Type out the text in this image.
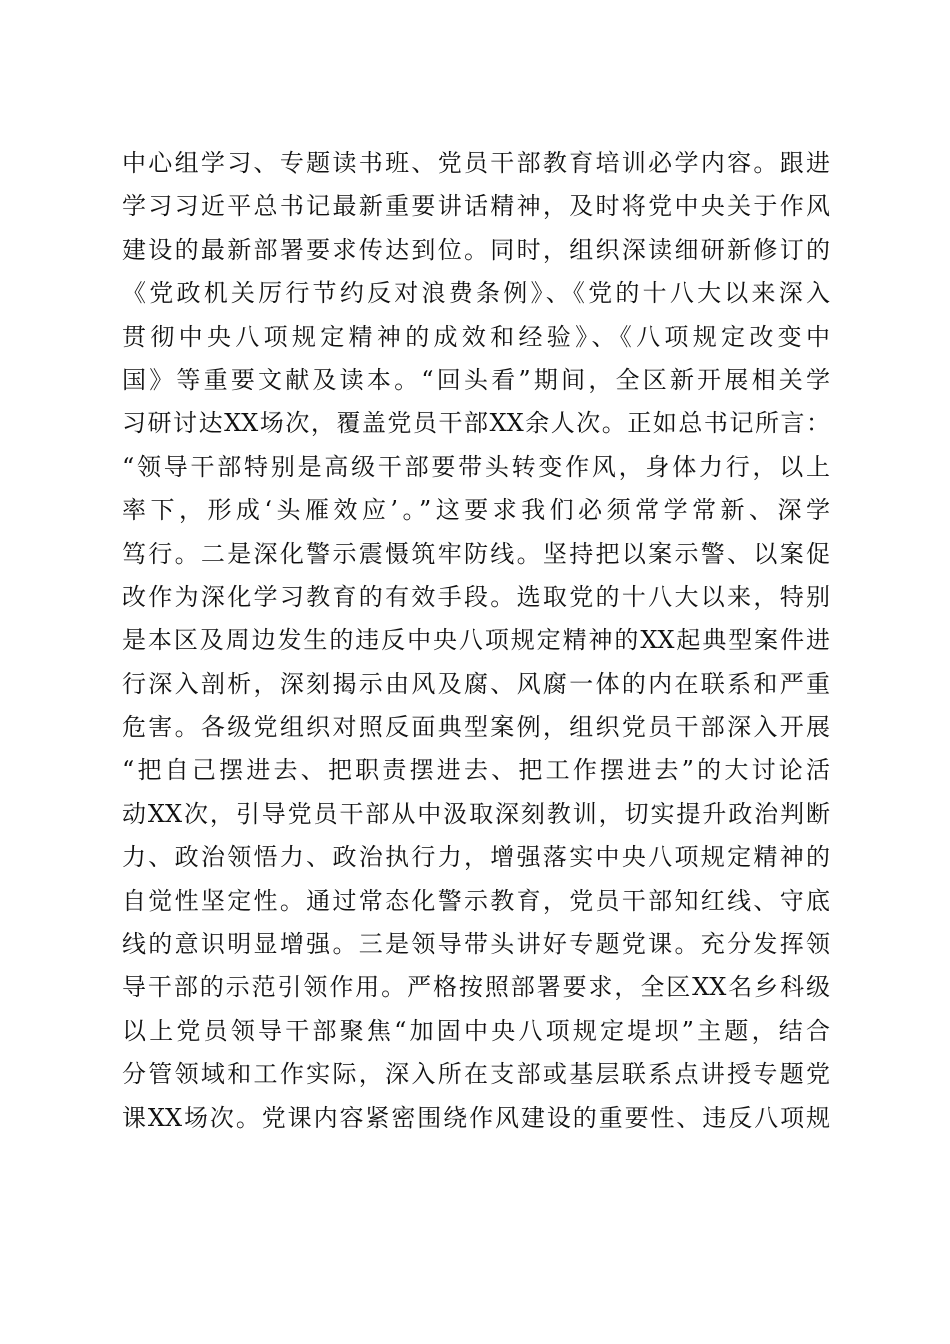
中心组学习、专题读书班、党员干部教育培训必学内容。跟进
学习习近平总书记最新重要讲话精神，及时将党中央关于作风
建设的最新部署要求传达到位。同时，组织深读细研新修订的
《党政机关厉行节约反对浪费条例》、《党的十八大以来深入
贯彻中央八项规定精神的成效和经验》、《八项规定改变中
国》等重要文献及读本。“回头看”期间，全区新开展相关学
习研讨达XX场次，覆盖党员干部XX余人次。正如总书记所言：
“领导干部特别是高级干部要带头转变作风，身体力行，以上
率下，形成‘头雁效应’。”这要求我们必须常学常新、深学
笃行。二是深化警示震慑筑牢防线。坚持把以案示警、以案促
改作为深化学习教育的有效手段。选取党的十八大以来，特别
是本区及周边发生的违反中央八项规定精神的XX起典型案件进
行深入剖析，深刻揭示由风及腐、风腐一体的内在联系和严重
危害。各级党组织对照反面典型案例，组织党员干部深入开展
“把自己摆进去、把职责摆进去、把工作摆进去”的大讨论活
动XX次，引导党员干部从中汲取深刻教训，切实提升政治判断
力、政治领悟力、政治执行力，增强落实中央八项规定精神的
自觉性坚定性。通过常态化警示教育，党员干部知红线、守底
线的意识明显增强。三是领导带头讲好专题党课。充分发挥领
导干部的示范引领作用。严格按照部署要求，全区XX名乡科级
以上党员领导干部聚焦“加固中央八项规定堤坝”主题，结合
分管领域和工作实际，深入所在支部或基层联系点讲授专题党
课XX场次。党课内容紧密围绕作风建设的重要性、违反八项规
